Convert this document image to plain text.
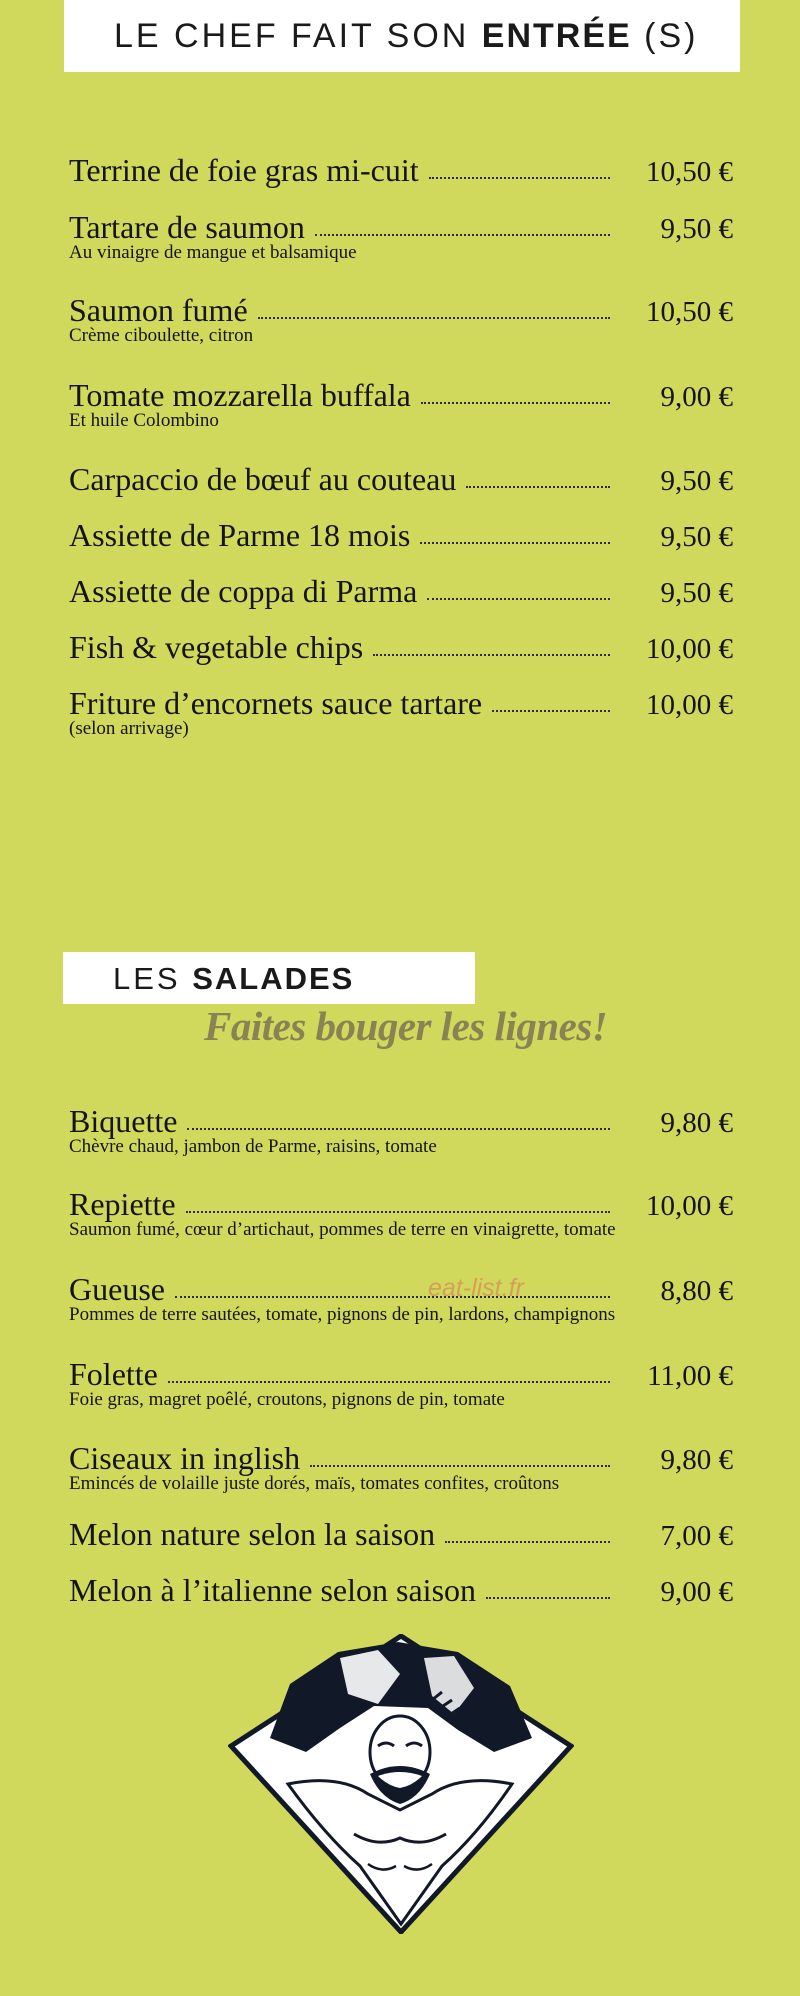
LE CHEF FAIT SON ENTRÉE (S)
Terrine de foie gras mi-cuit	10,50 €
Tartare de saumon	9,50 €
Au vinaigre de mangue et balsamique
Saumon fumé	10,50 €
Crème ciboulette, citron
Tomate mozzarella buffala	9,00 €
Et huile Colombino
Carpaccio de bœuf au couteau	9,50 €
Assiette de Parme 18 mois	9,50 €
Assiette de coppa di Parma	9,50 €
Fish & vegetable chips	10,00 €
Friture d’encornets sauce tartare	10,00 €
(selon arrivage)
LES SALADES
Faites bouger les lignes!
Biquette	9,80 €
Chèvre chaud, jambon de Parme, raisins, tomate
Repiette	10,00 €
Saumon fumé, cœur d’artichaut, pommes de terre en vinaigrette, tomate
Gueuse	8,80 €
Pommes de terre sautées, tomate, pignons de pin, lardons, champignons
Folette	11,00 €
Foie gras, magret poêlé, croutons, pignons de pin, tomate
Ciseaux in inglish	9,80 €
Emincés de volaille juste dorés, maïs, tomates confites, croûtons
Melon nature selon la saison	7,00 €
Melon à l’italienne selon saison	9,00 €
eat-list.fr
